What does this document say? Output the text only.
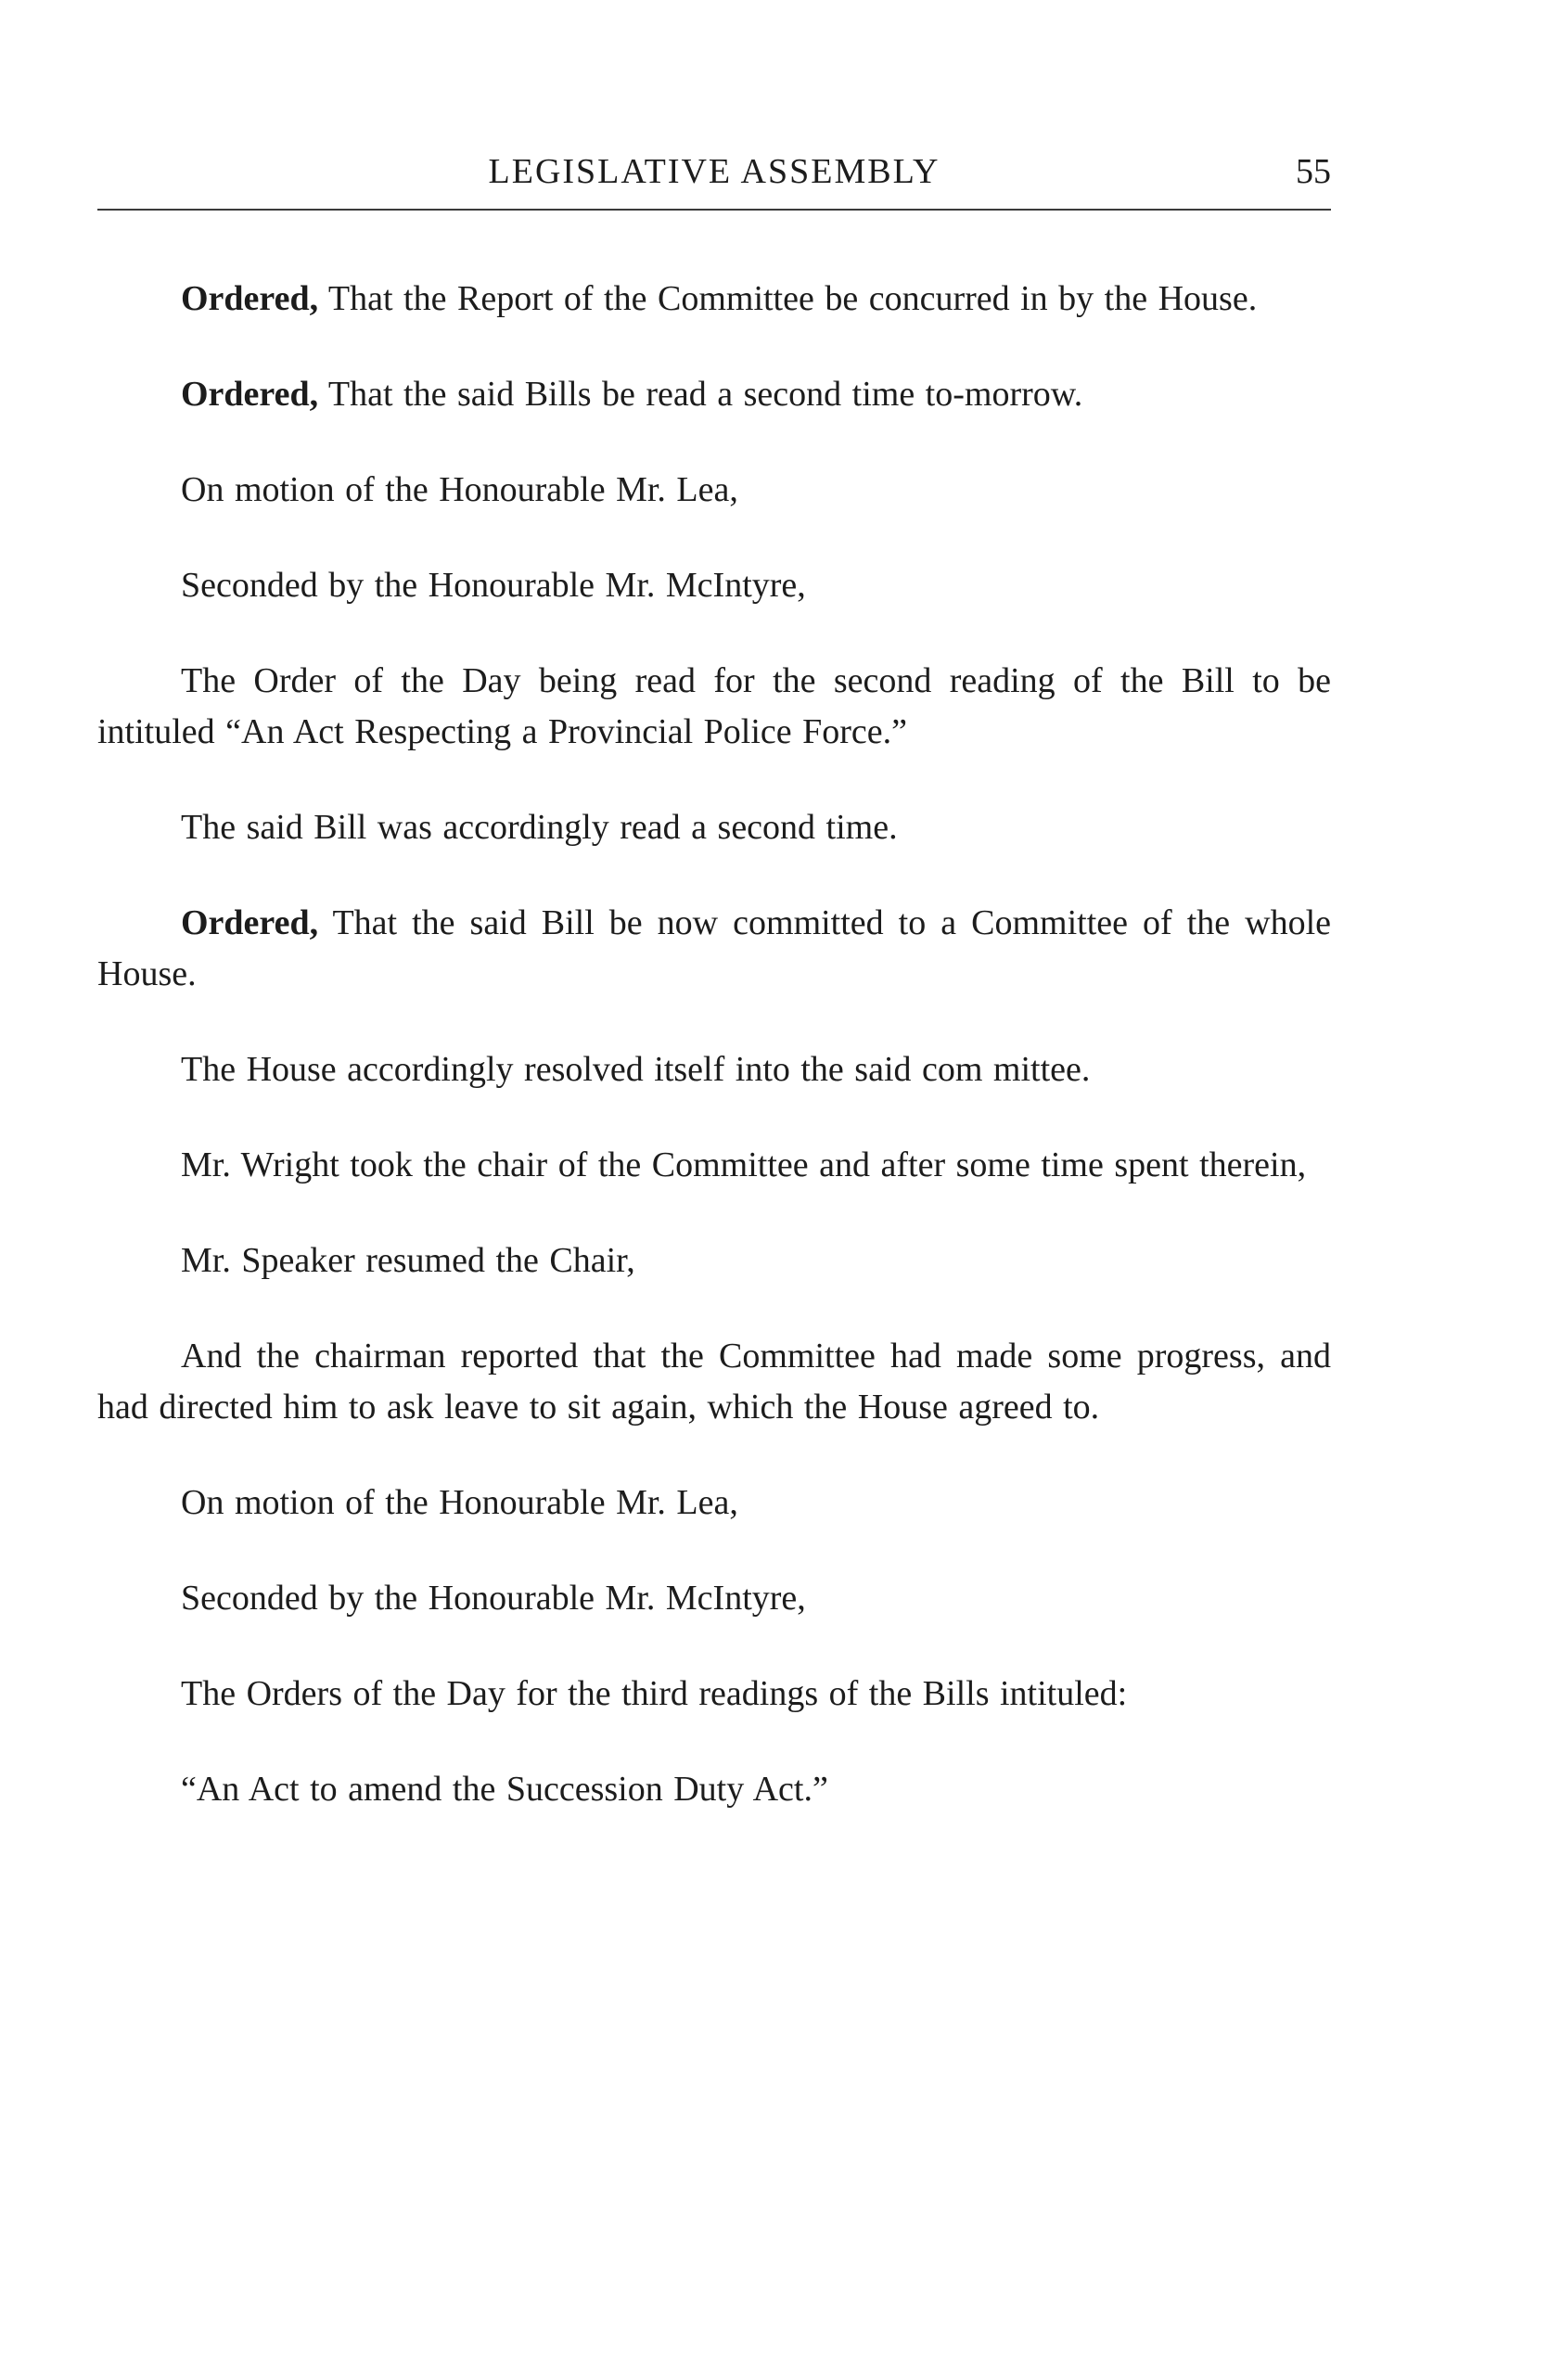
LEGISLATIVE ASSEMBLY	55

Ordered, That the Report of the Committee be concurred in by the House.

Ordered, That the said Bills be read a second time to-morrow.

On motion of the Honourable Mr. Lea,

Seconded by the Honourable Mr. McIntyre,

The Order of the Day being read for the second reading of the Bill to be intituled “An Act Respecting a Provincial Police Force.”

The said Bill was accordingly read a second time.

Ordered, That the said Bill be now committed to a Committee of the whole House.

The House accordingly resolved itself into the said com mittee.

Mr. Wright took the chair of the Committee and after some time spent therein,

Mr. Speaker resumed the Chair,

And the chairman reported that the Committee had made some progress, and had directed him to ask leave to sit again, which the House agreed to.

On motion of the Honourable Mr. Lea,

Seconded by the Honourable Mr. McIntyre,

The Orders of the Day for the third readings of the Bills intituled:

“An Act to amend the Succession Duty Act.”
